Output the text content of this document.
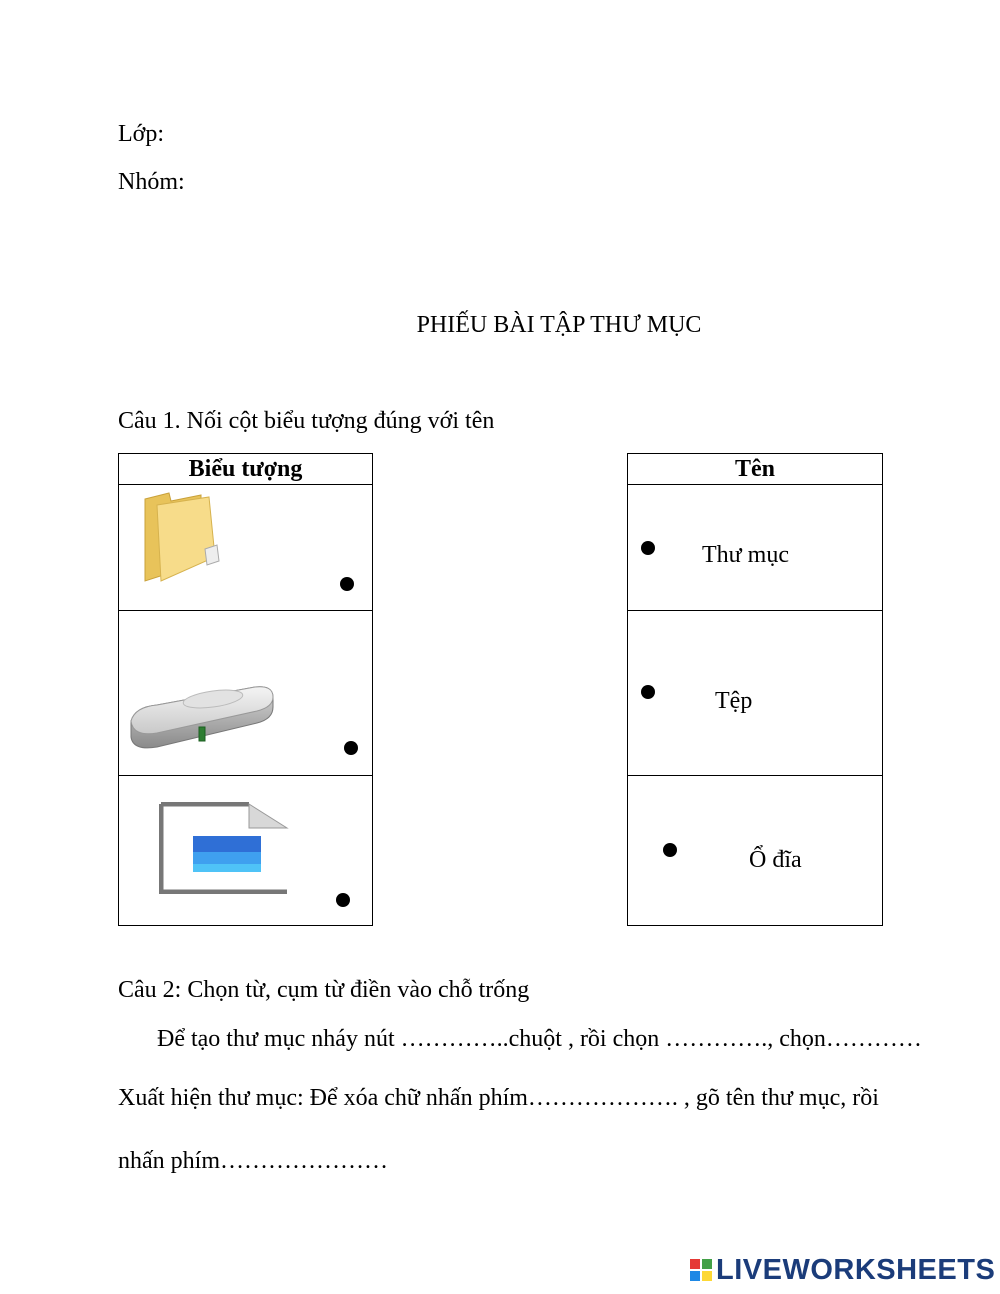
Lớp:
Nhóm:
PHIẾU BÀI TẬP THƯ MỤC
Câu 1. Nối cột biểu tượng đúng với tên
Biểu tượng	Tên
Thư mục
Tệp
Ổ đĩa
Câu 2: Chọn từ, cụm từ điền vào chỗ trống
Để tạo thư mục nháy nút …………..chuột , rồi chọn …………., chọn…………
Xuất hiện thư mục: Để xóa chữ nhấn phím………………. , gõ tên thư mục, rồi
nhấn phím…………………
LIVEWORKSHEETS
